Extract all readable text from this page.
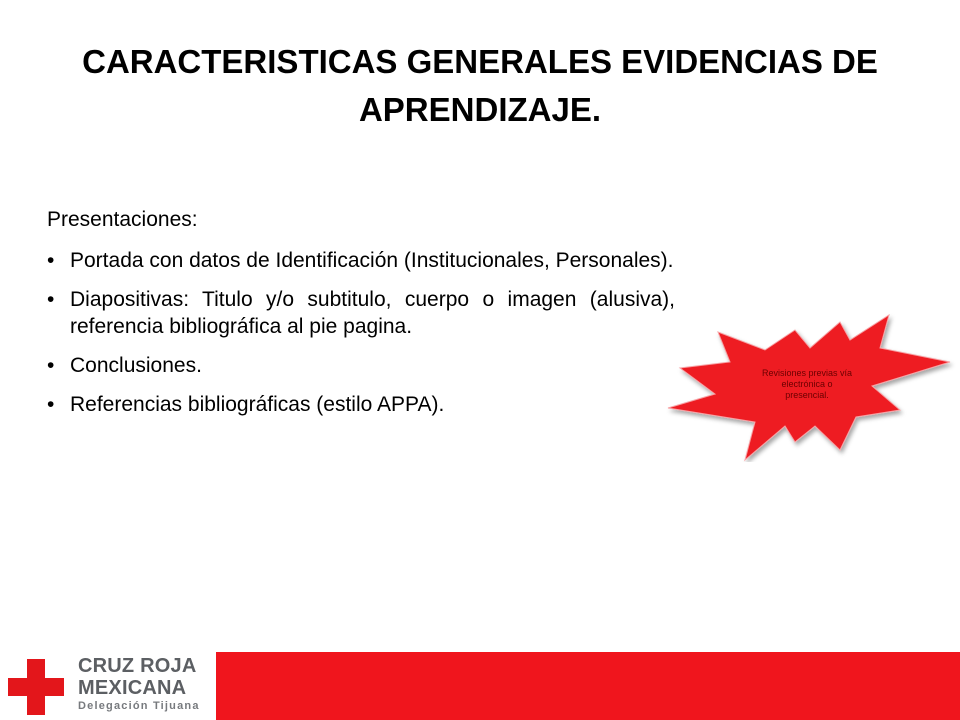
CARACTERISTICAS GENERALES EVIDENCIAS DE APRENDIZAJE.

Presentaciones:

• Portada con datos de Identificación (Institucionales, Personales).
• Diapositivas: Titulo y/o subtitulo, cuerpo o imagen (alusiva), referencia bibliográfica al pie pagina.
• Conclusiones.
• Referencias bibliográficas (estilo APPA).
Revisiones previas vía electrónica o presencial.
CRUZ ROJA
MEXICANA
Delegación Tijuana
